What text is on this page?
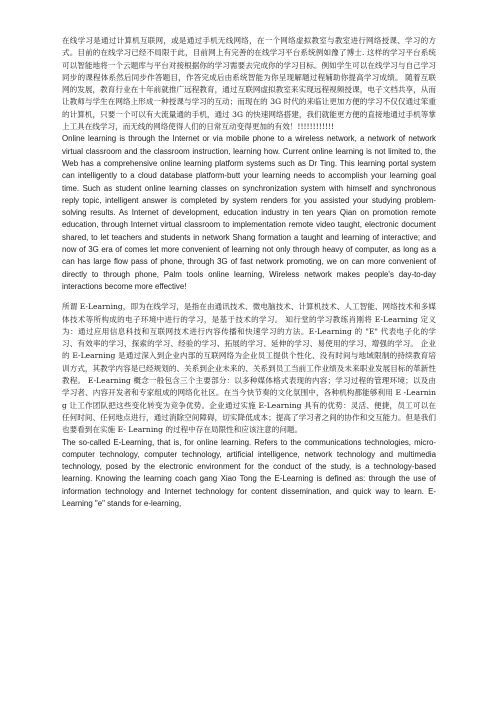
在线学习是通过计算机互联网，或是通过手机无线网络，在一个网络虚拟教室与教室进行网络授课、学习的方式。目前的在线学习已经不局限于此，目前网上有完善的在线学习平台系统例如豫了博士. 这样的学习平台系统可以智能地将一个云题库与平台对接根据你的学习需要去完成你的学习目标。例如学生可以在线学习与自己学习同步的课程体系然后同步作答题目，作答完成后由系统智能为你呈现解题过程辅助你提高学习成绩。 随着互联网的发展，教育行业在十年前就推广远程教育，通过互联网虚拟教室来实现远程视频授课，电子文档共享，从而让教师与学生在网络上形成一种授课与学习的互动；而现在的 3G 时代的来临让更加方便的学习不仅仅通过笨重的计算机，只要一个可以有大流量通的手机，通过 3G 的快速网络搭建，我们就能更方便的直接地通过手机等掌上工具在线学习，而无线的网络使得人们的日常互动变得更加的有效！!!!!!!!!!!!!

Online learning is through the Internet or via mobile phone to a wireless network, a network of network virtual classroom and the classroom instruction, learning how. Current online learning is not limited to, the Web has a comprehensive online learning platform systems such as Dr Ting. This learning portal system can intelligently to a cloud database platform-butt your learning needs to accomplish your learning goal time. Such as student online learning classes on synchronization system with himself and synchronous reply topic, intelligent answer is completed by system renders for you assisted your studying problem-solving results. As Internet of development, education industry in ten years Qian on promotion remote education, through Internet virtual classroom to implementation remote video taught, electronic document shared, to let teachers and students in network Shang formation a taught and learning of interactive; and now of 3G era of comes let more convenient of learning not only through heavy of computer, as long as a can has large flow pass of phone, through 3G of fast network promoting, we on can more convenient of directly to through phone, Palm tools online learning, Wireless network makes people's day-to-day interactions become more effective!

所谓 E-Learning，即为在线学习，是指在由通讯技术、微电脑技术、计算机技术、人工智能、网络技术和多媒体技术等所构成的电子环境中进行的学习，是基于技术的学习。 知行堂的学习教练肖刚将 E-Learning 定义为：通过应用信息科技和互联网技术进行内容传播和快速学习的方法。E-Learning 的 "E" 代表电子化的学习、有效率的学习、探索的学习、经验的学习、拓展的学习、延伸的学习、易使用的学习、增强的学习。 企业的 E-Learning 是通过深入到企业内部的互联网络为企业员工提供个性化、没有时间与地域限制的持续教育培训方式，其教学内容是已经规划的、关系到企业未来的、关系到员工当前工作业绩及未来职业发展目标的革新性教程。 E-Learning 概念一般包含三个主要部分：以多种媒体格式表现的内容；学习过程的管理环境；以及由学习者、内容开发者和专家组成的网络化社区。在当今快节奏的文化氛围中，各种机构都能够利用 E -Learning 让工作团队把这些变化转变为竞争优势。企业通过实施 E-Learning 具有的优势：灵活、便捷，员工可以在任何时间、任何地点进行，通过消除空间障碍，切实降低成本；提高了学习者之间的协作和交互能力。但是我们也要看到在实施 E- Learning 的过程中存在局限性和应该注意的问题。

The so-called E-Learning, that is, for online learning. Refers to the communications technologies, micro-computer technology, computer technology, artificial intelligence, network technology and multimedia technology, posed by the electronic environment for the conduct of the study, is a technology-based learning. Knowing the learning coach gang Xiao Tong the E-Learning is defined as: through the use of information technology and Internet technology for content dissemination, and quick way to learn. E-Learning "e" stands for e-learning,
